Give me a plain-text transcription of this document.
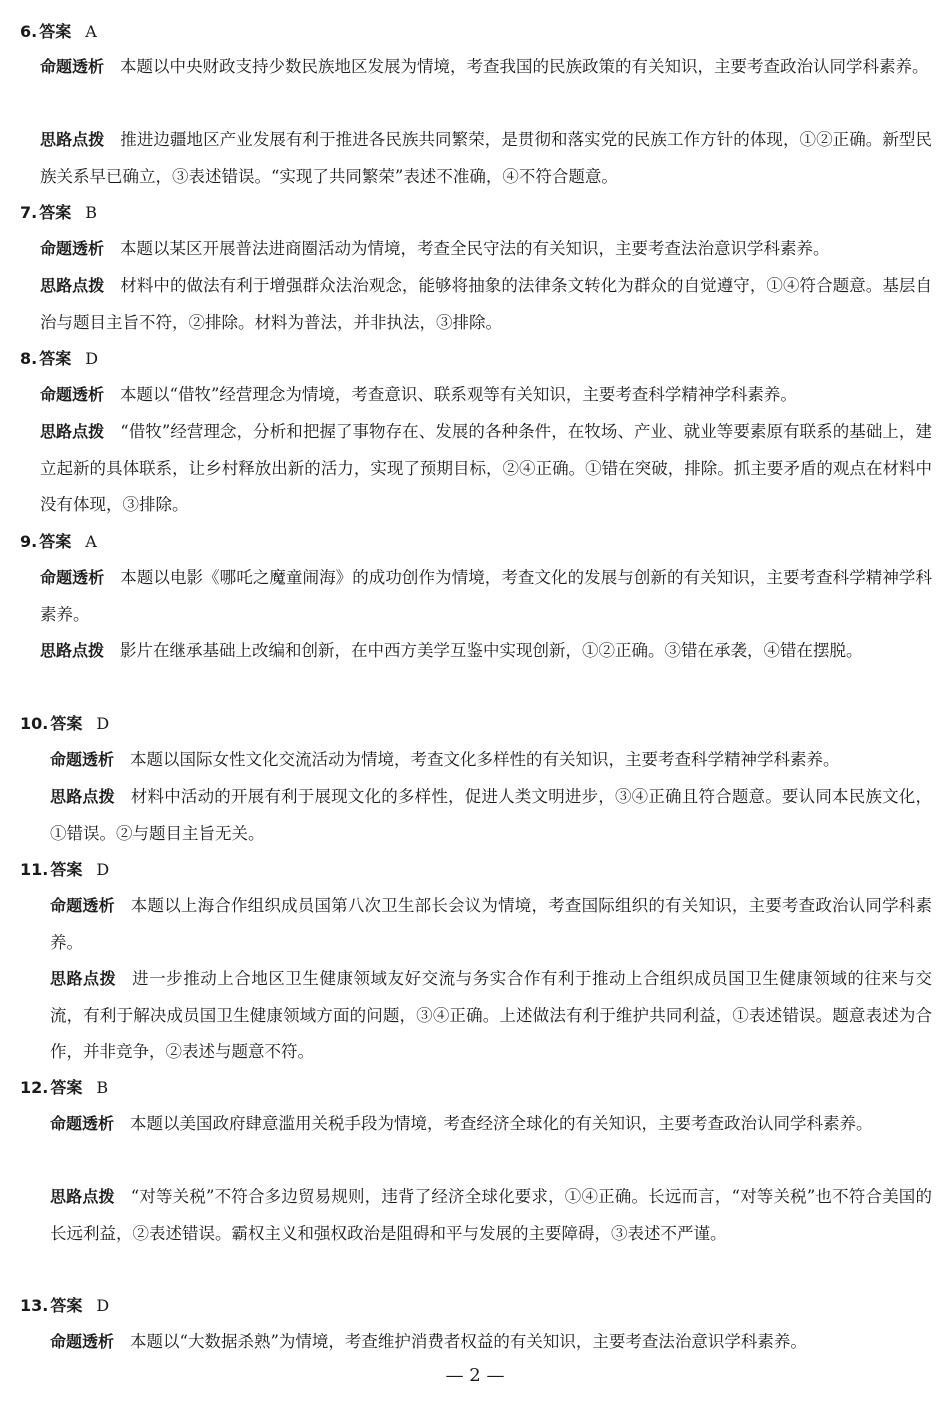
6. 答案 A
命题透析 本题以中央财政支持少数民族地区发展为情境，考查我国的民族政策的有关知识，主要考查政治认同学科素养。
思路点拨 推进边疆地区产业发展有利于推进各民族共同繁荣，是贯彻和落实党的民族工作方针的体现，①②正确。新型民族关系早已确立，③表述错误。“实现了共同繁荣”表述不准确，④不符合题意。
7. 答案 B
命题透析 本题以某区开展普法进商圈活动为情境，考查全民守法的有关知识，主要考查法治意识学科素养。
思路点拨 材料中的做法有利于增强群众法治观念，能够将抽象的法律条文转化为群众的自觉遵守，①④符合题意。基层自治与题目主旨不符，②排除。材料为普法，并非执法，③排除。
8. 答案 D
命题透析 本题以“借牧”经营理念为情境，考查意识、联系观等有关知识，主要考查科学精神学科素养。
思路点拨 “借牧”经营理念，分析和把握了事物存在、发展的各种条件，在牧场、产业、就业等要素原有联系的基础上，建立起新的具体联系，让乡村释放出新的活力，实现了预期目标，②④正确。①错在突破，排除。抓主要矛盾的观点在材料中没有体现，③排除。
9. 答案 A
命题透析 本题以电影《哪吒之魔童闹海》的成功创作为情境，考查文化的发展与创新的有关知识，主要考查科学精神学科素养。
思路点拨 影片在继承基础上改编和创新，在中西方美学互鉴中实现创新，①②正确。③错在承袭，④错在摆脱。
10. 答案 D
命题透析 本题以国际女性文化交流活动为情境，考查文化多样性的有关知识，主要考查科学精神学科素养。
思路点拨 材料中活动的开展有利于展现文化的多样性，促进人类文明进步，③④正确且符合题意。要认同本民族文化，①错误。②与题目主旨无关。
11. 答案 D
命题透析 本题以上海合作组织成员国第八次卫生部长会议为情境，考查国际组织的有关知识，主要考查政治认同学科素养。
思路点拨 进一步推动上合地区卫生健康领域友好交流与务实合作有利于推动上合组织成员国卫生健康领域的往来与交流，有利于解决成员国卫生健康领域方面的问题，③④正确。上述做法有利于维护共同利益，①表述错误。题意表述为合作，并非竞争，②表述与题意不符。
12. 答案 B
命题透析 本题以美国政府肆意滥用关税手段为情境，考查经济全球化的有关知识，主要考查政治认同学科素养。
思路点拨 “对等关税”不符合多边贸易规则，违背了经济全球化要求，①④正确。长远而言，“对等关税”也不符合美国的长远利益，②表述错误。霸权主义和强权政治是阻碍和平与发展的主要障碍，③表述不严谨。
13. 答案 D
命题透析 本题以“大数据杀熟”为情境，考查维护消费者权益的有关知识，主要考查法治意识学科素养。
— 2 —
